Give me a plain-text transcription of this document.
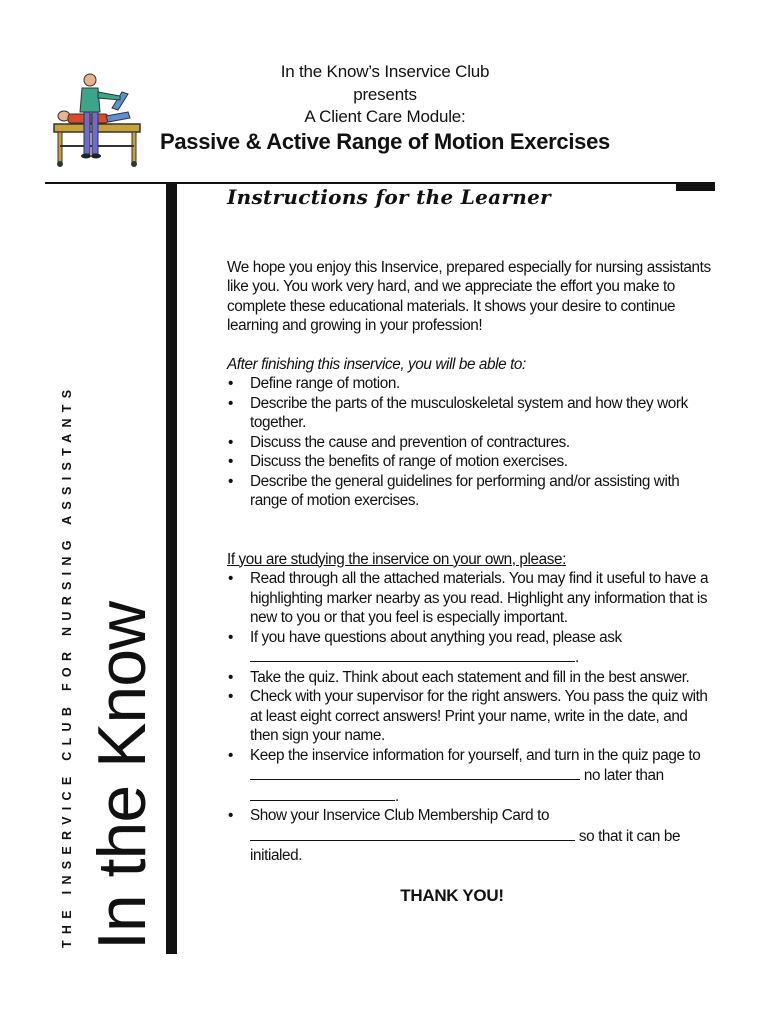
In the Know’s Inservice Club
presents
A Client Care Module:
Passive & Active Range of Motion Exercises
THE INSERVICE CLUB FOR NURSING ASSISTANTS In the Know
Instructions for the Learner

We hope you enjoy this Inservice, prepared especially for nursing assistants like you. You work very hard, and we appreciate the effort you make to complete these educational materials. It shows your desire to continue learning and growing in your profession!

After finishing this inservice, you will be able to:
• Define range of motion.
• Describe the parts of the musculoskeletal system and how they work together.
• Discuss the cause and prevention of contractures.
• Discuss the benefits of range of motion exercises.
• Describe the general guidelines for performing and/or assisting with range of motion exercises.
If you are studying the inservice on your own, please:
• Read through all the attached materials. You may find it useful to have a highlighting marker nearby as you read. Highlight any information that is new to you or that you feel is especially important.
• If you have questions about anything you read, please ask
.
• Take the quiz. Think about each statement and fill in the best answer.
• Check with your supervisor for the right answers. You pass the quiz with at least eight correct answers! Print your name, write in the date, and then sign your name.
• Keep the inservice information for yourself, and turn in the quiz page to  no later than .
• Show your Inservice Club Membership Card to
so that it can be initialed.
THANK YOU!
